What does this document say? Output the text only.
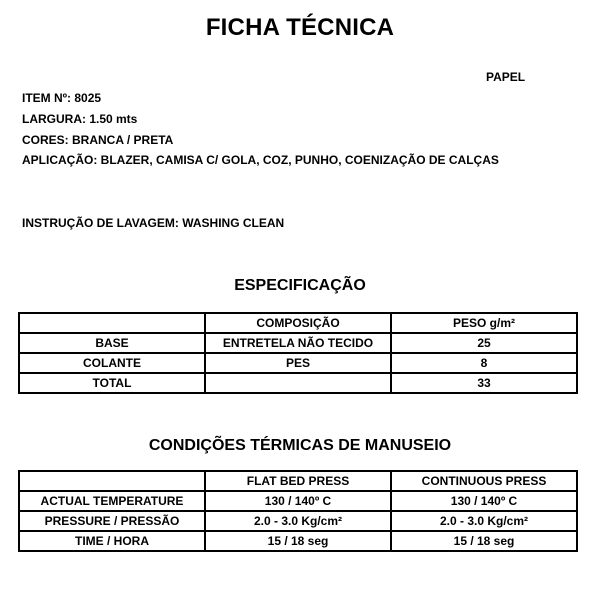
FICHA TÉCNICA
PAPEL
ITEM Nº: 8025
LARGURA: 1.50 mts
CORES: BRANCA / PRETA
APLICAÇÃO: BLAZER, CAMISA C/ GOLA, COZ, PUNHO, COENIZAÇÃO DE CALÇAS
INSTRUÇÃO DE LAVAGEM: WASHING CLEAN
ESPECIFICAÇÃO
	COMPOSIÇÃO	PESO g/m²
BASE	ENTRETELA NÃO TECIDO	25
COLANTE	PES	8
TOTAL		33
CONDIÇÕES TÉRMICAS DE MANUSEIO
	FLAT BED PRESS	CONTINUOUS PRESS
ACTUAL TEMPERATURE	130 / 140º C	130 / 140º C
PRESSURE / PRESSÃO	2.0 - 3.0 Kg/cm²	2.0 - 3.0 Kg/cm²
TIME / HORA	15 / 18 seg	15 / 18 seg
